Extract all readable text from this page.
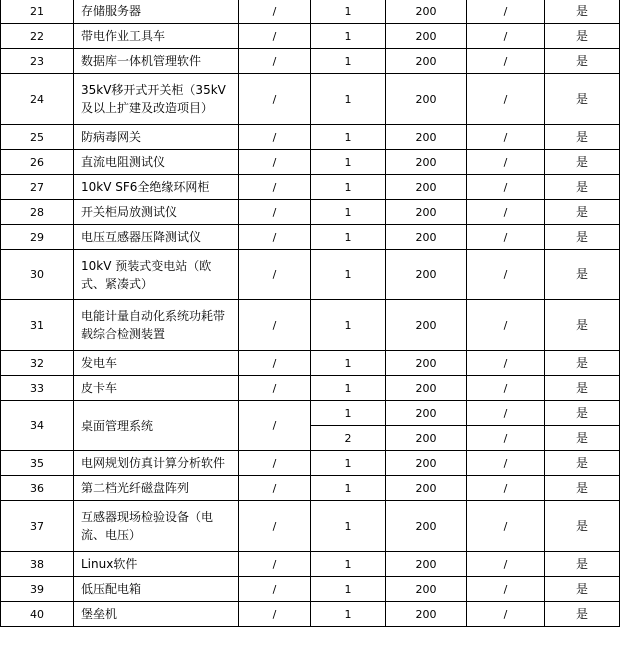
21	存储服务器	/	1	200	/	是
22	带电作业工具车	/	1	200	/	是
23	数据库一体机管理软件	/	1	200	/	是
24	35kV移开式开关柜（35kV及以上扩建及改造项目）	/	1	200	/	是
25	防病毒网关	/	1	200	/	是
26	直流电阻测试仪	/	1	200	/	是
27	10kV SF6全绝缘环网柜	/	1	200	/	是
28	开关柜局放测试仪	/	1	200	/	是
29	电压互感器压降测试仪	/	1	200	/	是
30	10kV 预装式变电站（欧式、紧凑式）	/	1	200	/	是
31	电能计量自动化系统功耗带载综合检测装置	/	1	200	/	是
32	发电车	/	1	200	/	是
33	皮卡车	/	1	200	/	是
34	桌面管理系统	/	1	200	/	是
			2	200	/	是
35	电网规划仿真计算分析软件	/	1	200	/	是
36	第二档光纤磁盘阵列	/	1	200	/	是
37	互感器现场检验设备（电流、电压）	/	1	200	/	是
38	Linux软件	/	1	200	/	是
39	低压配电箱	/	1	200	/	是
40	堡垒机	/	1	200	/	是
